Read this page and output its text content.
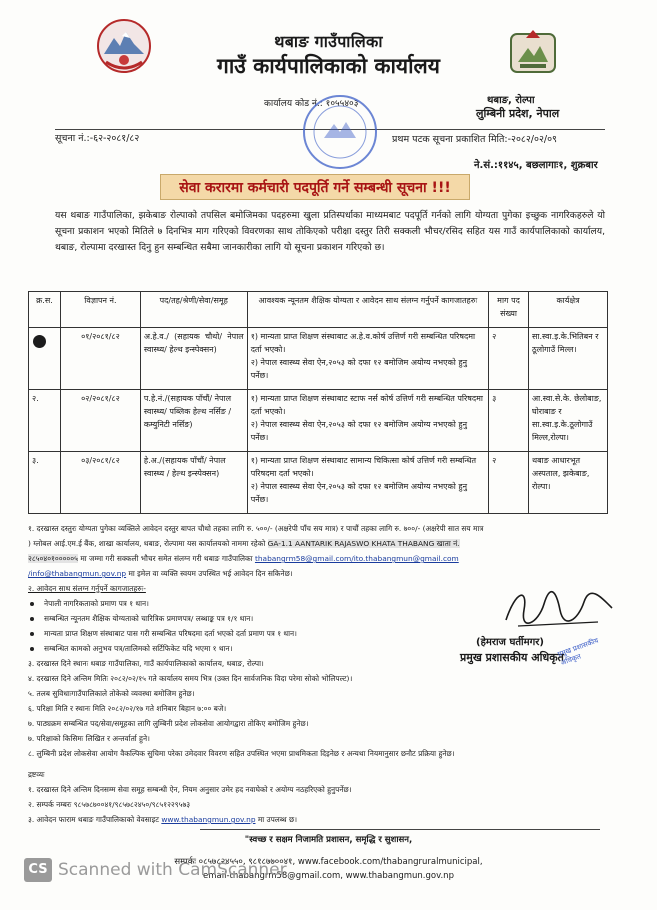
थबाङ गाउँपालिका
गाउँ कार्यपालिकाको कार्यालय
कार्यालय कोड नं.: १०५५४०३	थबाङ, रोल्पा
लुम्बिनी प्रदेश, नेपाल
सूचना नं.:-६२-२०८१/८२	प्रथम पटक सूचना प्रकाशित मिति:-२०८२/०२/०९
ने.सं.:११४५, बछलागाः१, शुक्रबार
सेवा करारमा कर्मचारी पदपूर्ति गर्ने सम्बन्धी सूचना !!!
यस थबाङ गाउँपालिका, झकेबाङ रोल्पाको तपसिल बमोजिमका पदहरुमा खुला प्रतिस्पर्धाका माध्यमबाट पदपूर्ति गर्नको लागि योग्यता पुगेका इच्छुक नागरिकहरुले यो सूचना प्रकाशन भएको मितिले ७ दिनभित्र माग गरिएको विवरणका साथ तोकिएको परीक्षा दस्तुर तिरी सक्कली भौचर/रसिद सहित यस गाउँ कार्यपालिकाको कार्यालय, थबाङ, रोल्पामा दरखास्त दिनु हुन सम्बन्धित सबैमा जानकारीका लागि यो सूचना प्रकाशन गरिएको छ।
क्र.स.	विज्ञापन नं.	पद/तह/श्रेणी/सेवा/समूह	आवश्यक न्यूनतम शैक्षिक योग्यता र आवेदन साथ संलग्न गर्नुपर्ने कागजातहरुः	माग पद संख्या	कार्यक्षेत्र
	०१/२०८१/८२	अ.हे.व./ (सहायक चौथो/ नेपाल स्वास्थ्य/ हेल्थ इन्स्पेक्सन)	१) मान्यता प्राप्त शिक्षण संस्थाबाट अ.हे.व.कोर्ष उत्तिर्ण गरी सम्बन्धित परिषदमा दर्ता भएको।
२) नेपाल स्वास्थ्य सेवा ऐन,२०५३ को दफा १२ बमोजिम अयोग्य नभएको हुनु पर्नेछ।	२	सा.स्वा.इ.के.भितिबन र ठूलोगाउँ मिल्ल।
२.	०२/२०८१/८२	प.हे.नं./(सहायक पाँचौं/ नेपाल स्वास्थ्य/ पब्लिक हेल्थ नर्सिङ /कम्युनिटी नर्सिङ)	१) मान्यता प्राप्त शिक्षण संस्थाबाट स्टाफ नर्स कोर्ष उत्तिर्ण गरी सम्बन्धित परिषदमा दर्ता भएको।
२) नेपाल स्वास्थ्य सेवा ऐन,२०५३ को दफा १२ बमोजिम अयोग्य नभएको हुनु पर्नेछ।	३	आ.स्वा.से.के. छेलोबाङ, घोराबाङ र सा.स्वा.इ.के.ठूलोगाउँ मिल्ल,रोल्पा।
३.	०३/२०८१/८२	हे.अ./(सहायक पाँचौं/ नेपाल स्वास्थ्य / हेल्थ इन्स्पेक्सन)	१) मान्यता प्राप्त शिक्षण संस्थाबाट सामान्य चिकित्सा कोर्ष उत्तिर्ण गरी सम्बन्धित परिषदमा दर्ता भएको।
२) नेपाल स्वास्थ्य सेवा ऐन,२०५३ को दफा १२ बमोजिम अयोग्य नभएको हुनु पर्नेछ।	२	थबाङ आधारभूत अस्पताल, झकेबाङ, रोल्पा।
१. दरखास्त दस्तुरः योग्यता पुगेका व्यक्तिले आवेदन दस्तुर बापत चौथो तहका लागि रु. ५००/- (अक्षरेपी पाँच सय मात्र) र पाचौं तहका लागि रु. ७००/- (अक्षरेपी सात सय मात्र
) ग्लोबल आई.एम.ई बैंक, शाखा कार्यालय, थबाङ, रोल्पामा यस कार्यालयको नाममा रहेको GA-1.1 AANTARIK RAJASWO KHATA THABANG खाता नं.
२८५०४०१०००००५ मा जम्मा गरी सक्कली भौचर समेत संलग्न गरी थबाङ गाउँपालिका thabangrm58@gmail.com/ito.thabangmun@gmail.com
/info@thabangmun.gov.np मा इमेल वा व्यक्ति स्वयम उपस्थित भई आवेदन दिन सकिनेछ।
२. आवेदन साथ संलग्न गर्नुपर्ने कागजातहरुः-
नेपाली नागरिकताको प्रमाण पत्र १ थान।
सम्बन्धित न्यूनतम शैक्षिक योग्यताको चारित्रिक प्रमाणपत्र/ लब्धाङ्क पत्र १/१ थान।
मान्यता प्राप्त शिक्षण संस्थाबाट पास गरी सम्बन्धित परिषदमा दर्ता भएको दर्ता प्रमाण पत्र १ थान।
सम्बन्धित कामको अनुभव पत्र/तालिमको सर्टिफिकेट यदि भएमा १ थान।
३. दरखास्त दिने स्थानः थबाङ गाउँपालिका, गाउँ कार्यपालिकाको कार्यालय, थबाङ, रोल्पा।
४. दरखास्त दिने अन्तिम मितिः २०८२/०२/१५ गते कार्यालय समय भित्र (उक्त दिन सार्वजनिक विदा परेमा सोको भोलिपल्ट)।
५. तलब सुविधाःगाउँपालिकाले तोकेको व्यवस्था बमोजिम हुनेछ।
६. परिक्षा मिति र स्थानः मिति २०८२/०२/१७ गते शनिबार बिहान ७:०० बजे।
७. पाठ्यक्रम सम्बन्धित पद/सेवा/समूहका लागि लुम्बिनी प्रदेश लोकसेवा आयोगद्वारा तोकिए बमोजिम हुनेछ।
७. परिक्षाको किसिमः लिखित र अन्तर्वार्ता हुने।
८. लुम्बिनी प्रदेश लोकसेवा आयोग वैकल्पिक सुचिमा परेका उमेदवार विवरण सहित उपस्थित भएमा प्राथमिकता दिइनेछ र अन्यथा नियमानुसार छनौट प्रक्रिया हुनेछ।
(हेमराज घर्तीमगर)
प्रमुख प्रशासकीय अधिकृत
प्रमुख प्रशासकीय अधिकृत
द्रष्टव्यः
१. दरखास्त दिने अन्तिम दिनसम्म सेवा समूह सम्बन्धी ऐन, नियम अनुसार उमेर हद नवाघेको र अयोग्य नठहरिएको हुनुपर्नेछ।
२. सम्पर्क नम्बरः ९८५७८७००४१/९८५७८२४५०/९८५१२२९५७३
३. आवेदन फाराम थबाङ गाउँपालिकाको वेवसाइट www.thabangmun.gov.np मा उपलब्ध छ।
"स्वच्छ र सक्षम निजामति प्रशासन, समृद्धि र सुशासन,
सम्पर्कः ०८५७८२४५५०, ९८१८७७००४१, www.facebook.com/thabangruralmunicipal,
email-thabangrm58@gmail.com, www.thabangmun.gov.np
CS Scanned with CamScanner
